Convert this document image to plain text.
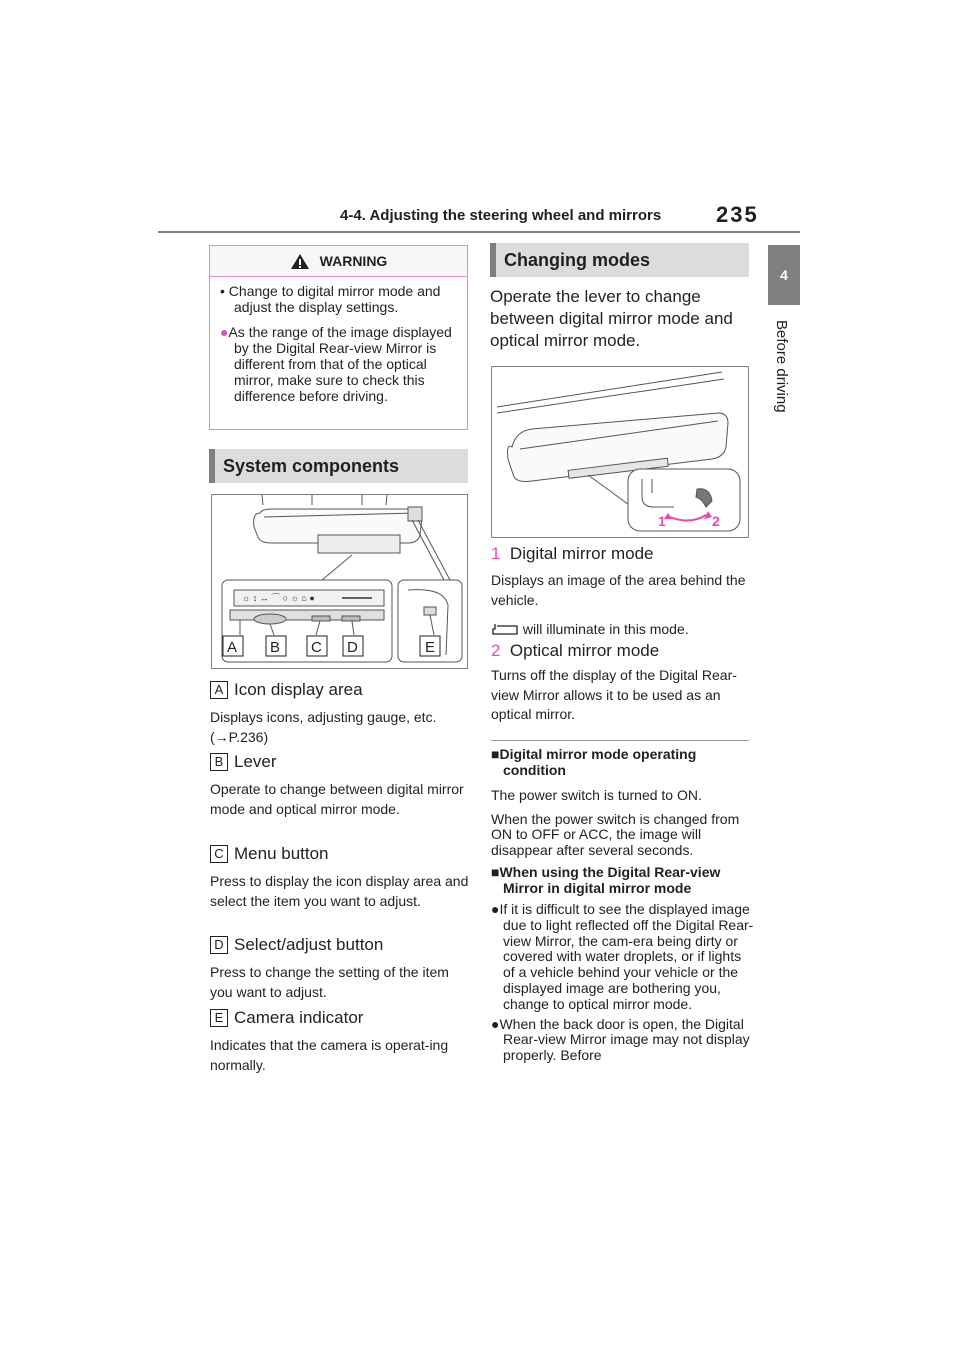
4-4. Adjusting the steering wheel and mirrors 235
4
Before driving
WARNING

• Change to digital mirror mode and adjust the display settings.

●As the range of the image displayed by the Digital Rear-view Mirror is different from that of the optical mirror, make sure to check this difference before driving.

System components
☼ ↕ ↔ ⌒ ○ ☼ ⌂ ●
A B C D	E
A Icon display area
Displays icons, adjusting gauge, etc. (→P.236)
B Lever
Operate to change between digital mirror mode and optical mirror mode.
C Menu button
Press to display the icon display area and select the item you want to adjust.
D Select/adjust button
Press to change the setting of the item you want to adjust.
E Camera indicator
Indicates that the camera is operat-ing normally.
Changing modes
Operate the lever to change between digital mirror mode and optical mirror mode.
1	2
1 Digital mirror mode
Displays an image of the area behind the vehicle.
will illuminate in this mode.
2 Optical mirror mode
Turns off the display of the Digital Rear-view Mirror allows it to be used as an optical mirror.
■Digital mirror mode operating condition
The power switch is turned to ON.
When the power switch is changed from ON to OFF or ACC, the image will disappear after several seconds.
■When using the Digital Rear-view Mirror in digital mirror mode
●If it is difficult to see the displayed image due to light reflected off the Digital Rear-view Mirror, the cam-era being dirty or covered with water droplets, or if lights of a vehicle behind your vehicle or the displayed image are bothering you, change to optical mirror mode.
●When the back door is open, the Digital Rear-view Mirror image may not display properly. Before
